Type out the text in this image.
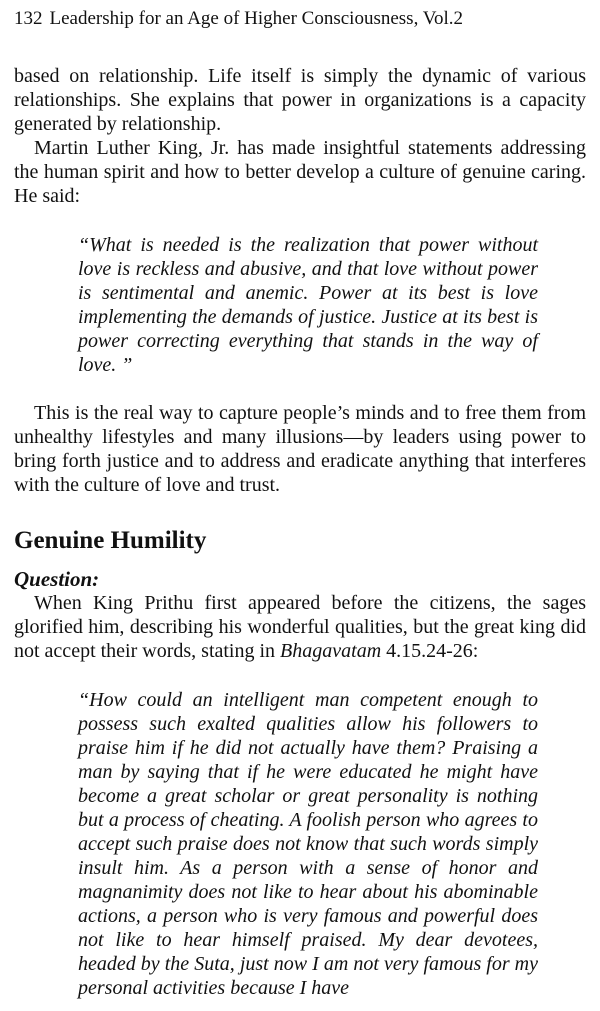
132 Leadership for an Age of Higher Consciousness, Vol.2
based on relationship. Life itself is simply the dynamic of various relationships. She explains that power in organizations is a capacity generated by relationship.
Martin Luther King, Jr. has made insightful statements addressing the human spirit and how to better develop a culture of genuine caring. He said:
“What is needed is the realization that power without love is reckless and abusive, and that love without power is sentimental and anemic. Power at its best is love implementing the demands of justice. Justice at its best is power correcting everything that stands in the way of love. ”
This is the real way to capture people’s minds and to free them from unhealthy lifestyles and many illusions—by leaders using power to bring forth justice and to address and eradicate anything that interferes with the culture of love and trust.
Genuine Humility
Question:
When King Prithu first appeared before the citizens, the sages glorified him, describing his wonderful qualities, but the great king did not accept their words, stating in Bhagavatam 4.15.24-26:
“How could an intelligent man competent enough to possess such exalted qualities allow his followers to praise him if he did not actually have them? Praising a man by saying that if he were educated he might have become a great scholar or great personality is nothing but a process of cheating. A foolish person who agrees to accept such praise does not know that such words simply insult him. As a person with a sense of honor and magnanimity does not like to hear about his abominable actions, a person who is very famous and powerful does not like to hear himself praised. My dear devotees, headed by the Suta, just now I am not very famous for my personal activities because I have
